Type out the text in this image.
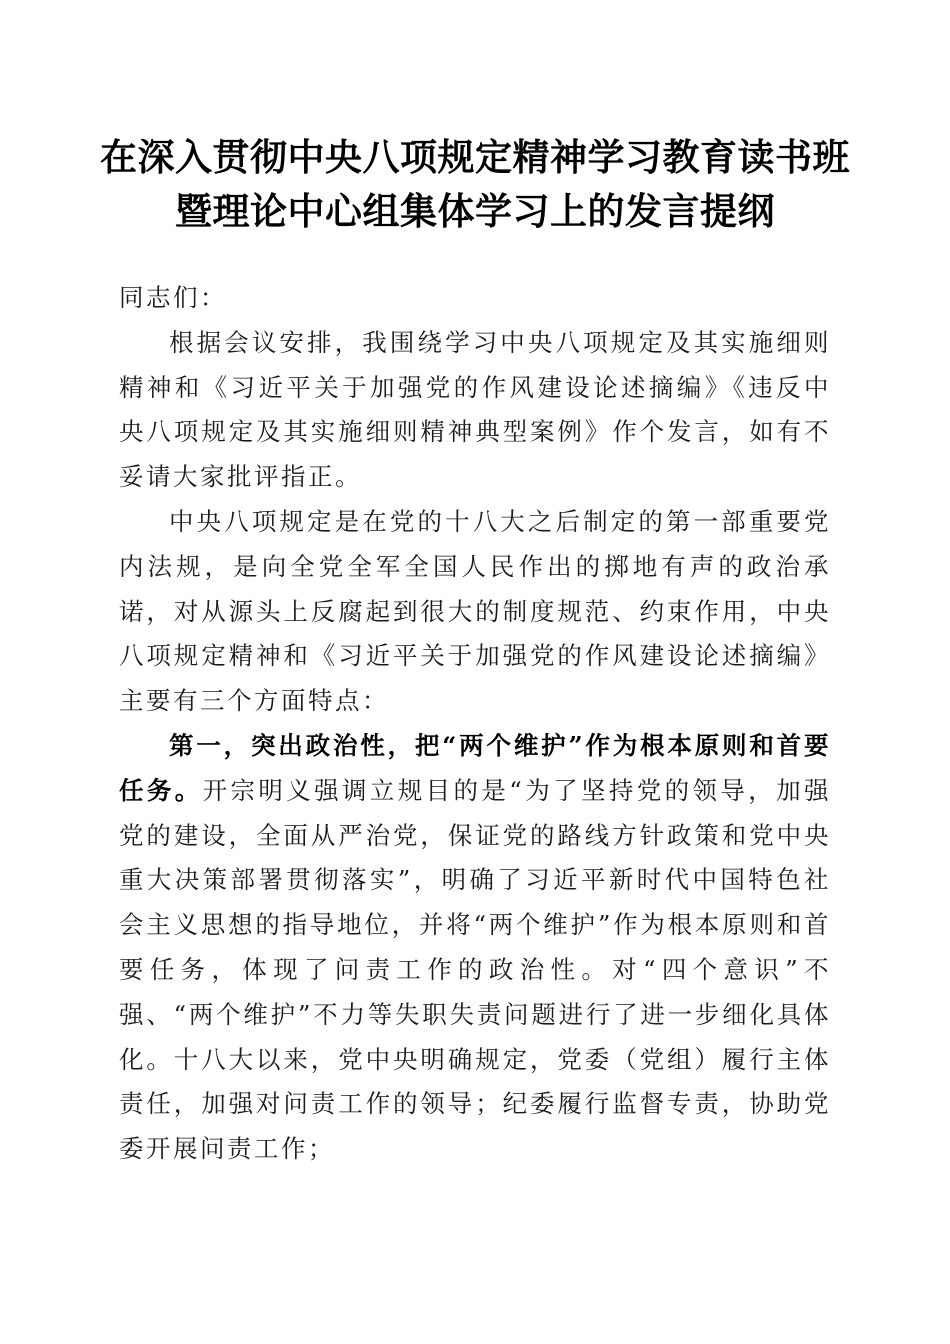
在深入贯彻中央八项规定精神学习教育读书班
暨理论中心组集体学习上的发言提纲

同志们：

根据会议安排，我围绕学习中央八项规定及其实施细则精神和《习近平关于加强党的作风建设论述摘编》《违反中央八项规定及其实施细则精神典型案例》作个发言，如有不妥请大家批评指正。

中央八项规定是在党的十八大之后制定的第一部重要党内法规，是向全党全军全国人民作出的掷地有声的政治承诺，对从源头上反腐起到很大的制度规范、约束作用，中央八项规定精神和《习近平关于加强党的作风建设论述摘编》主要有三个方面特点：

第一，突出政治性，把“两个维护”作为根本原则和首要任务。开宗明义强调立规目的是“为了坚持党的领导，加强党的建设，全面从严治党，保证党的路线方针政策和党中央重大决策部署贯彻落实”，明确了习近平新时代中国特色社会主义思想的指导地位，并将“两个维护”作为根本原则和首要任务，体现了问责工作的政治性。对“四个意识”不强、“两个维护”不力等失职失责问题进行了进一步细化具体化。十八大以来，党中央明确规定，党委（党组）履行主体责任，加强对问责工作的领导；纪委履行监督专责，协助党委开展问责工作；
